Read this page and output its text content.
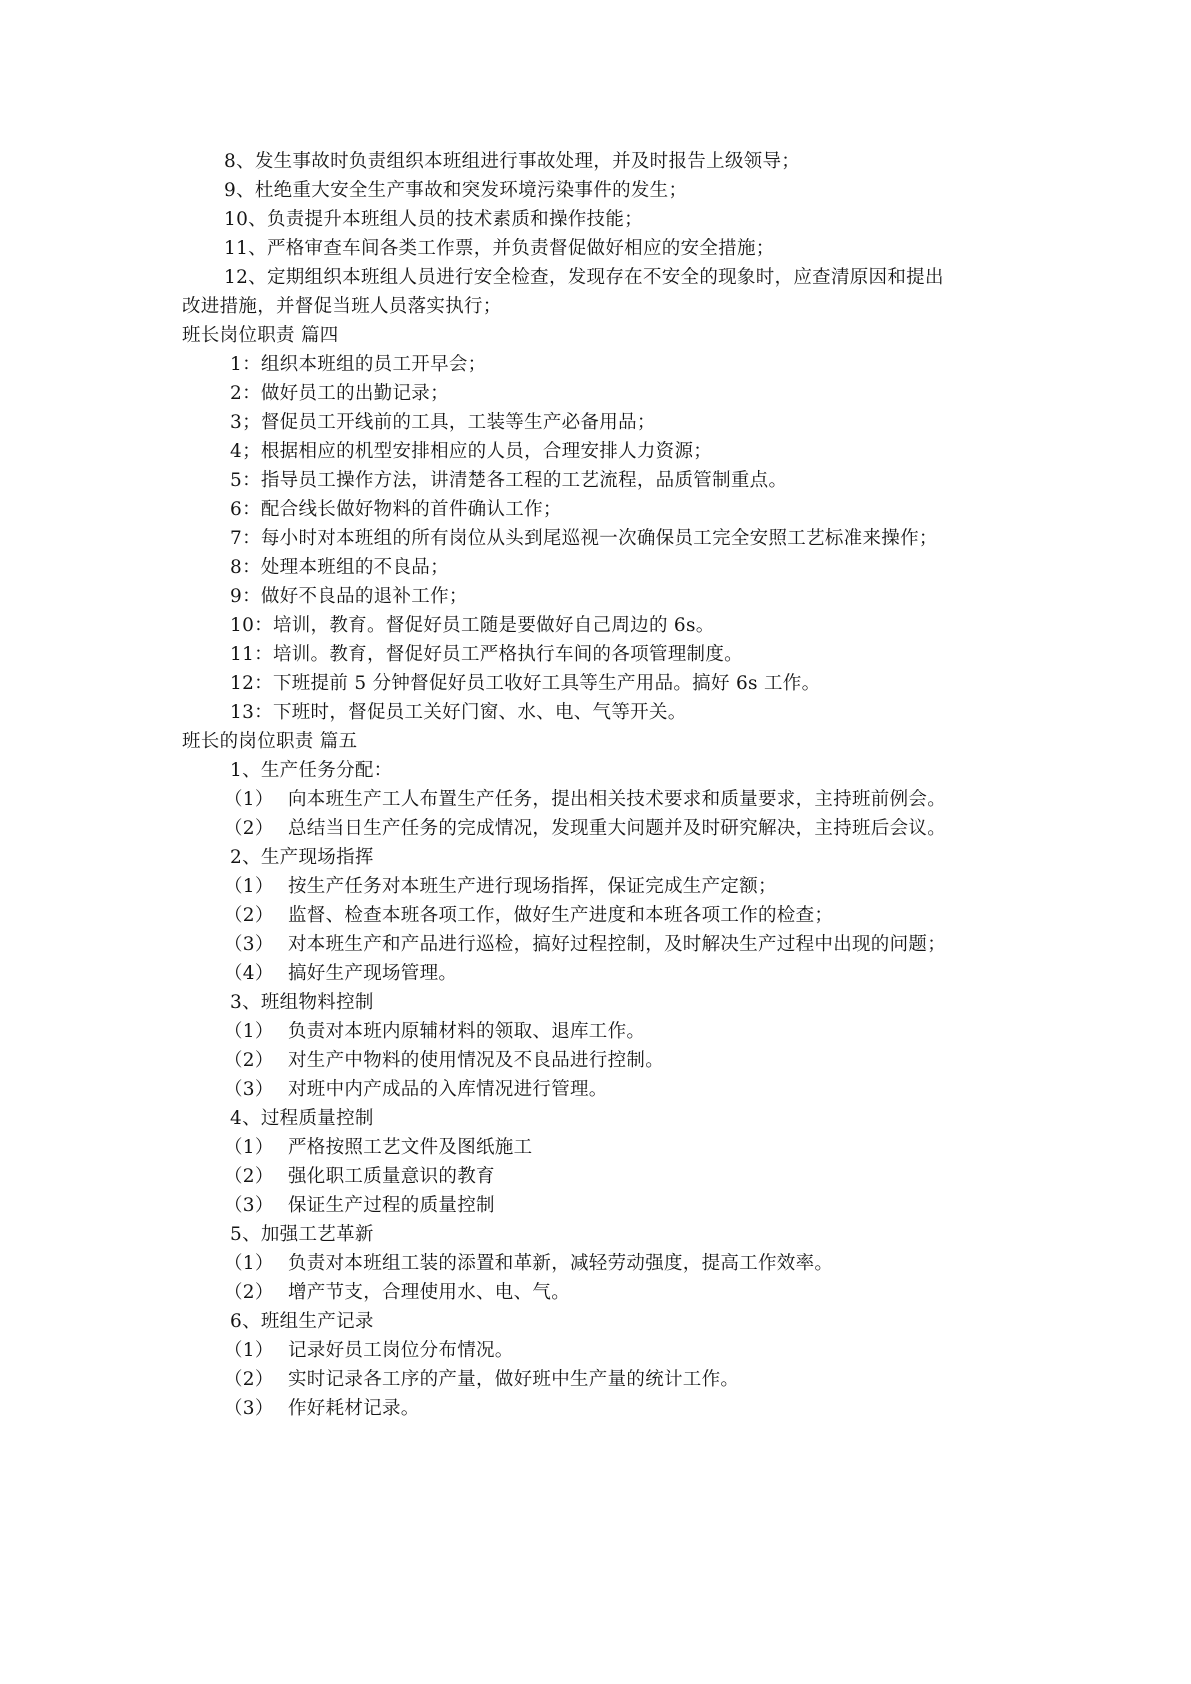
8、发生事故时负责组织本班组进行事故处理，并及时报告上级领导；
9、杜绝重大安全生产事故和突发环境污染事件的发生；
10、负责提升本班组人员的技术素质和操作技能；
11、严格审查车间各类工作票，并负责督促做好相应的安全措施；
12、定期组织本班组人员进行安全检查，发现存在不安全的现象时，应查清原因和提出
改进措施，并督促当班人员落实执行；
班长岗位职责 篇四
1：组织本班组的员工开早会；
2：做好员工的出勤记录；
3；督促员工开线前的工具，工装等生产必备用品；
4；根据相应的机型安排相应的人员，合理安排人力资源；
5：指导员工操作方法，讲清楚各工程的工艺流程，品质管制重点。
6：配合线长做好物料的首件确认工作；
7：每小时对本班组的所有岗位从头到尾巡视一次确保员工完全安照工艺标准来操作；
8：处理本班组的不良品；
9：做好不良品的退补工作；
10：培训，教育。督促好员工随是要做好自己周边的 6s。
11：培训。教育，督促好员工严格执行车间的各项管理制度。
12：下班提前 5 分钟督促好员工收好工具等生产用品。搞好 6s 工作。
13：下班时，督促员工关好门窗、水、电、气等开关。
班长的岗位职责 篇五
1、生产任务分配：
（1） 向本班生产工人布置生产任务，提出相关技术要求和质量要求，主持班前例会。
（2） 总结当日生产任务的完成情况，发现重大问题并及时研究解决，主持班后会议。
2、生产现场指挥
（1） 按生产任务对本班生产进行现场指挥，保证完成生产定额；
（2） 监督、检查本班各项工作，做好生产进度和本班各项工作的检查；
（3） 对本班生产和产品进行巡检，搞好过程控制，及时解决生产过程中出现的问题；
（4） 搞好生产现场管理。
3、班组物料控制
（1） 负责对本班内原辅材料的领取、退库工作。
（2） 对生产中物料的使用情况及不良品进行控制。
（3） 对班中内产成品的入库情况进行管理。
4、过程质量控制
（1） 严格按照工艺文件及图纸施工
（2） 强化职工质量意识的教育
（3） 保证生产过程的质量控制
5、加强工艺革新
（1） 负责对本班组工装的添置和革新，减轻劳动强度，提高工作效率。
（2） 增产节支，合理使用水、电、气。
6、班组生产记录
（1） 记录好员工岗位分布情况。
（2） 实时记录各工序的产量，做好班中生产量的统计工作。
（3） 作好耗材记录。
